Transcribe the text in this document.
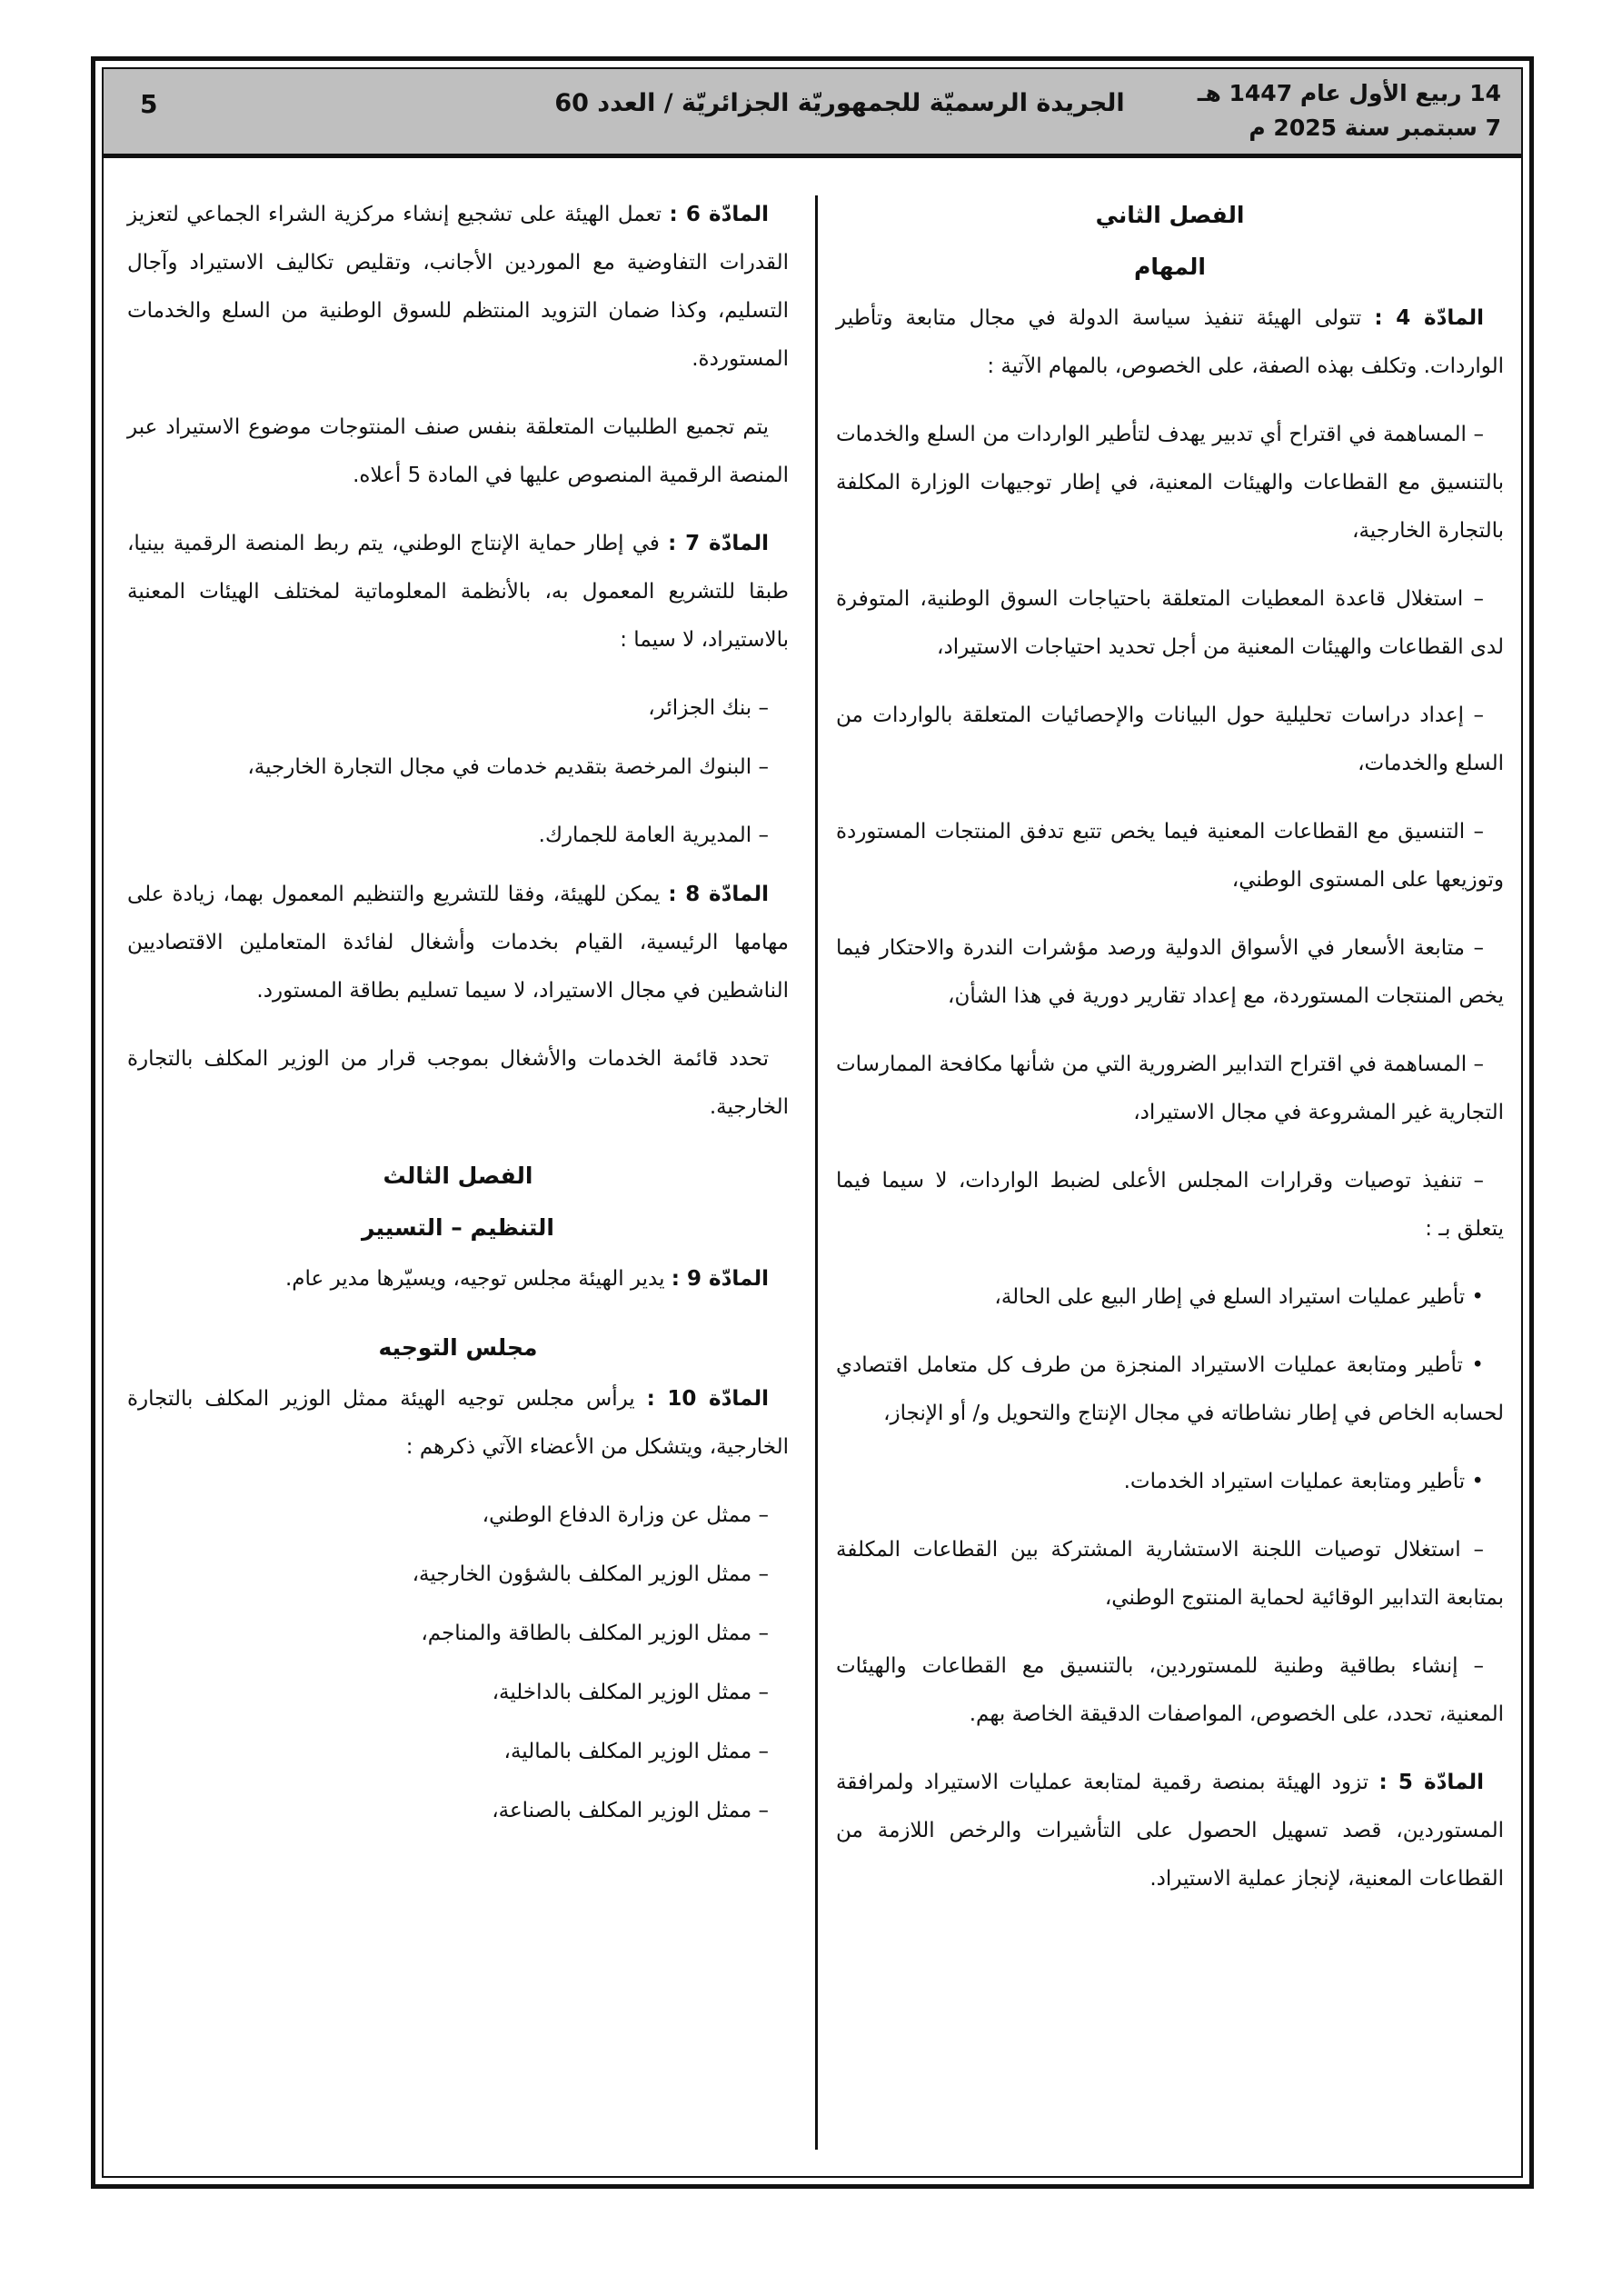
14 ربيع الأول عام 1447 هـ
7 سبتمبر سنة 2025 م
الجريدة الرسميّة للجمهوريّة الجزائريّة / العدد 60
5
الفصل الثاني
المهام
المادّة 4 : تتولى الهيئة تنفيذ سياسة الدولة في مجال متابعة وتأطير الواردات. وتكلف بهذه الصفة، على الخصوص، بالمهام الآتية :
– المساهمة في اقتراح أي تدبير يهدف لتأطير الواردات من السلع والخدمات بالتنسيق مع القطاعات والهيئات المعنية، في إطار توجيهات الوزارة المكلفة بالتجارة الخارجية،
– استغلال قاعدة المعطيات المتعلقة باحتياجات السوق الوطنية، المتوفرة لدى القطاعات والهيئات المعنية من أجل تحديد احتياجات الاستيراد،
– إعداد دراسات تحليلية حول البيانات والإحصائيات المتعلقة بالواردات من السلع والخدمات،
– التنسيق مع القطاعات المعنية فيما يخص تتبع تدفق المنتجات المستوردة وتوزيعها على المستوى الوطني،
– متابعة الأسعار في الأسواق الدولية ورصد مؤشرات الندرة والاحتكار فيما يخص المنتجات المستوردة، مع إعداد تقارير دورية في هذا الشأن،
– المساهمة في اقتراح التدابير الضرورية التي من شأنها مكافحة الممارسات التجارية غير المشروعة في مجال الاستيراد،
– تنفيذ توصيات وقرارات المجلس الأعلى لضبط الواردات، لا سيما فيما يتعلق بـ :
• تأطير عمليات استيراد السلع في إطار البيع على الحالة،
• تأطير ومتابعة عمليات الاستيراد المنجزة من طرف كل متعامل اقتصادي لحسابه الخاص في إطار نشاطاته في مجال الإنتاج والتحويل و/ أو الإنجاز،
• تأطير ومتابعة عمليات استيراد الخدمات.
– استغلال توصيات اللجنة الاستشارية المشتركة بين القطاعات المكلفة بمتابعة التدابير الوقائية لحماية المنتوج الوطني،
– إنشاء بطاقية وطنية للمستوردين، بالتنسيق مع القطاعات والهيئات المعنية، تحدد، على الخصوص، المواصفات الدقيقة الخاصة بهم.
المادّة 5 : تزود الهيئة بمنصة رقمية لمتابعة عمليات الاستيراد ولمرافقة المستوردين، قصد تسهيل الحصول على التأشيرات والرخص اللازمة من القطاعات المعنية، لإنجاز عملية الاستيراد.
المادّة 6 : تعمل الهيئة على تشجيع إنشاء مركزية الشراء الجماعي لتعزيز القدرات التفاوضية مع الموردين الأجانب، وتقليص تكاليف الاستيراد وآجال التسليم، وكذا ضمان التزويد المنتظم للسوق الوطنية من السلع والخدمات المستوردة.
يتم تجميع الطلبيات المتعلقة بنفس صنف المنتوجات موضوع الاستيراد عبر المنصة الرقمية المنصوص عليها في المادة 5 أعلاه.
المادّة 7 : في إطار حماية الإنتاج الوطني، يتم ربط المنصة الرقمية بينيا، طبقا للتشريع المعمول به، بالأنظمة المعلوماتية لمختلف الهيئات المعنية بالاستيراد، لا سيما :
– بنك الجزائر،
– البنوك المرخصة بتقديم خدمات في مجال التجارة الخارجية،
– المديرية العامة للجمارك.
المادّة 8 : يمكن للهيئة، وفقا للتشريع والتنظيم المعمول بهما، زيادة على مهامها الرئيسية، القيام بخدمات وأشغال لفائدة المتعاملين الاقتصاديين الناشطين في مجال الاستيراد، لا سيما تسليم بطاقة المستورد.
تحدد قائمة الخدمات والأشغال بموجب قرار من الوزير المكلف بالتجارة الخارجية.
الفصل الثالث
التنظيم – التسيير
المادّة 9 : يدير الهيئة مجلس توجيه، ويسيّرها مدير عام.
مجلس التوجيه
المادّة 10 : يرأس مجلس توجيه الهيئة ممثل الوزير المكلف بالتجارة الخارجية، ويتشكل من الأعضاء الآتي ذكرهم :
– ممثل عن وزارة الدفاع الوطني،
– ممثل الوزير المكلف بالشؤون الخارجية،
– ممثل الوزير المكلف بالطاقة والمناجم،
– ممثل الوزير المكلف بالداخلية،
– ممثل الوزير المكلف بالمالية،
– ممثل الوزير المكلف بالصناعة،
